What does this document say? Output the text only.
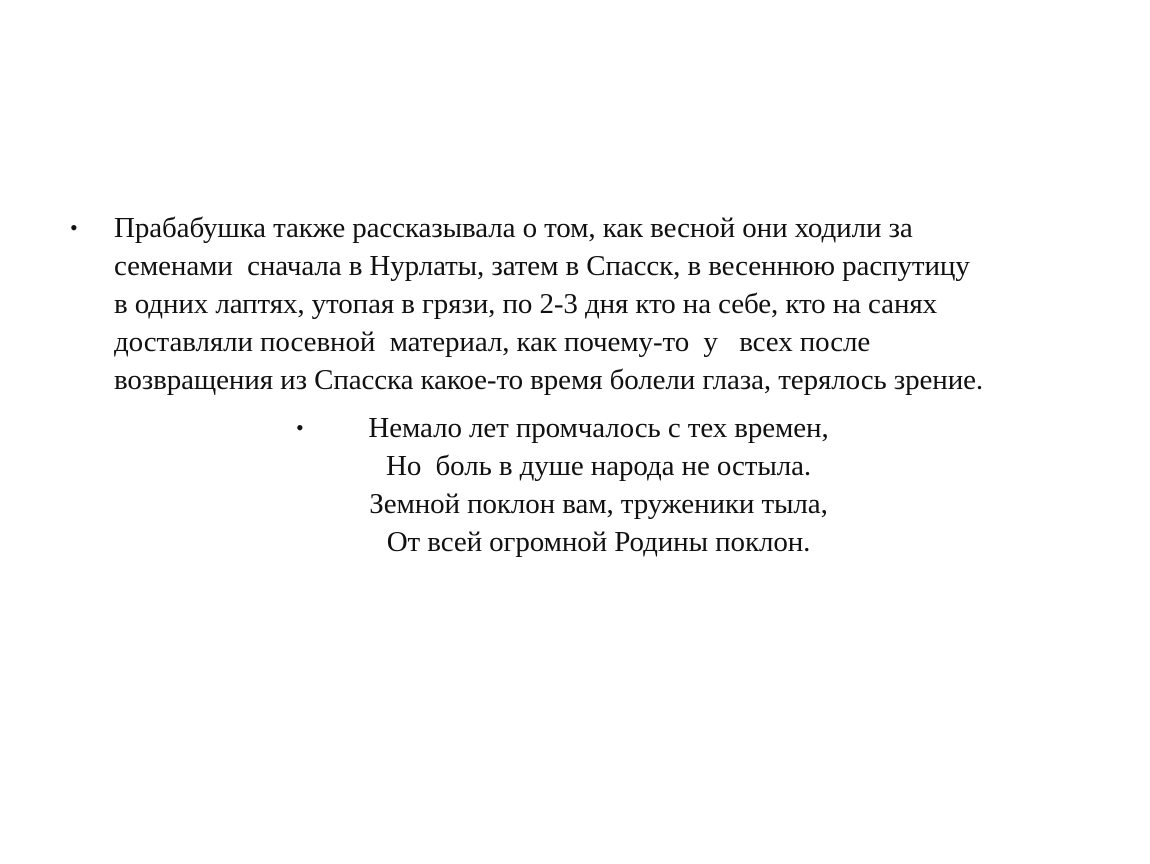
• Прабабушка также рассказывала о том, как весной они ходили за
семенами  сначала в Нурлаты, затем в Спасск, в весеннюю распутицу
в одних лаптях, утопая в грязи, по 2-3 дня кто на себе, кто на санях
доставляли посевной  материал, как почему-то  у   всех после
возвращения из Спасска какое-то время болели глаза, терялось зрение.
•	Немало лет промчалось с тех времен,
Но  боль в душе народа не остыла.
Земной поклон вам, труженики тыла,
От всей огромной Родины поклон.
